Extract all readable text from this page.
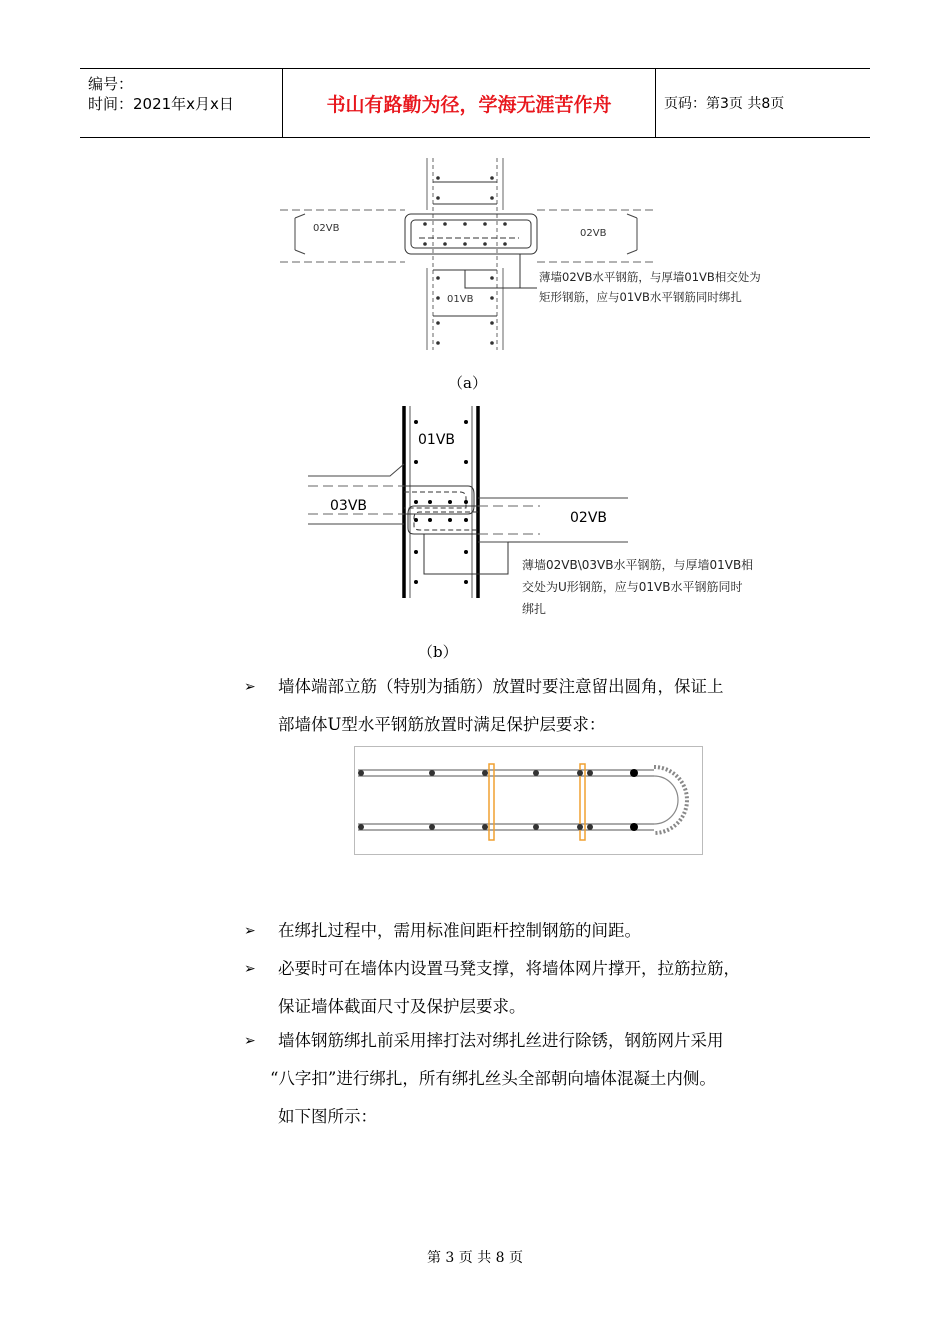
编号：
时间：2021年x月x日	书山有路勤为径，学海无涯苦作舟	页码：第3页 共8页
02VB	02VB
01VB
薄墙02VB水平钢筋，与厚墙01VB相交处为
矩形钢筋，应与01VB水平钢筋同时绑扎
（a）
01VB
03VB
02VB
薄墙02VB\03VB水平钢筋，与厚墙01VB相
交处为U形钢筋，应与01VB水平钢筋同时
绑扎
（b）
➢ 墙体端部立筋（特别为插筋）放置时要注意留出圆角，保证上
部墙体U型水平钢筋放置时满足保护层要求：
➢ 在绑扎过程中，需用标准间距杆控制钢筋的间距。
➢ 必要时可在墙体内设置马凳支撑，将墙体网片撑开，拉筋拉筋，
保证墙体截面尺寸及保护层要求。
➢ 墙体钢筋绑扎前采用摔打法对绑扎丝进行除锈，钢筋网片采用
“八字扣”进行绑扎，所有绑扎丝头全部朝向墙体混凝土内侧。
如下图所示：
第 3 页 共 8 页
